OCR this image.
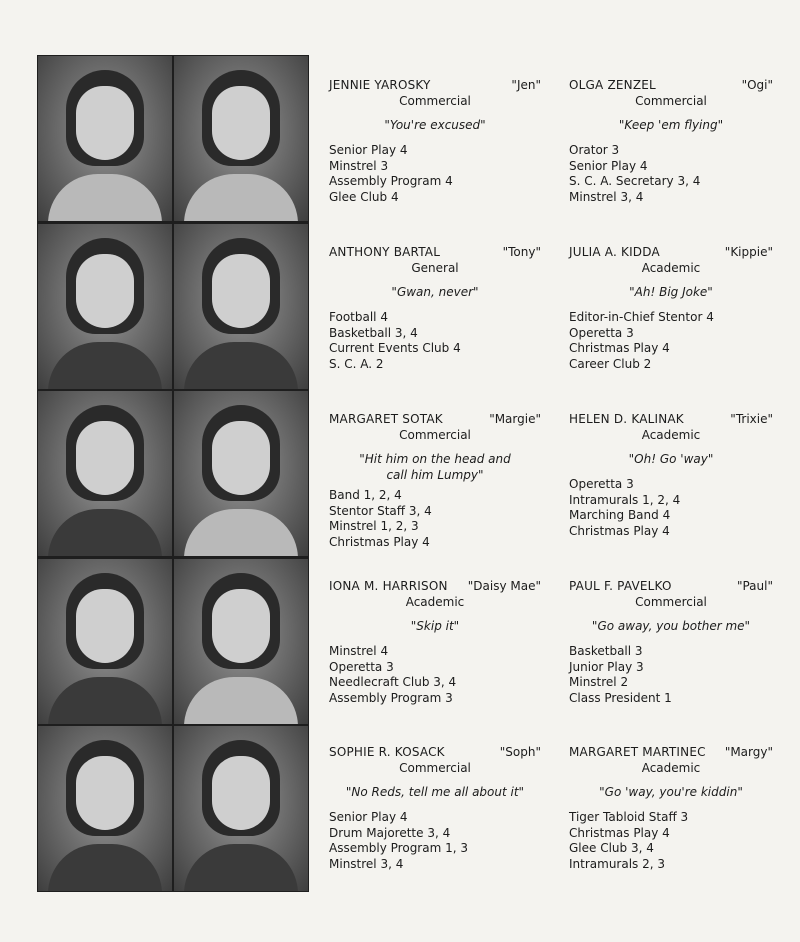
JENNIE YAROSKY	"Jen"
Commercial
"You're excused"
Senior Play 4
Minstrel 3
Assembly Program 4
Glee Club 4
OLGA ZENZEL	"Ogi"
Commercial
"Keep 'em flying"
Orator 3
Senior Play 4
S. C. A. Secretary 3, 4
Minstrel 3, 4
ANTHONY BARTAL	"Tony"
General
"Gwan, never"
Football 4
Basketball 3, 4
Current Events Club 4
S. C. A. 2
JULIA A. KIDDA	"Kippie"
Academic
"Ah! Big Joke"
Editor-in-Chief Stentor 4
Operetta 3
Christmas Play 4
Career Club 2
MARGARET SOTAK	"Margie"
Commercial
"Hit him on the head and call him Lumpy"
Band 1, 2, 4
Stentor Staff 3, 4
Minstrel 1, 2, 3
Christmas Play 4
HELEN D. KALINAK	"Trixie"
Academic
"Oh! Go 'way"
Operetta 3
Intramurals 1, 2, 4
Marching Band 4
Christmas Play 4
IONA M. HARRISON "Daisy Mae"
Academic
"Skip it"
Minstrel 4
Operetta 3
Needlecraft Club 3, 4
Assembly Program 3
PAUL F. PAVELKO	"Paul"
Commercial
"Go away, you bother me"
Basketball 3
Junior Play 3
Minstrel 2
Class President 1
SOPHIE R. KOSACK	"Soph"
Commercial
"No Reds, tell me all about it"
Senior Play 4
Drum Majorette 3, 4
Assembly Program 1, 3
Minstrel 3, 4
MARGARET MARTINEC "Margy"
Academic
"Go 'way, you're kiddin"
Tiger Tabloid Staff 3
Christmas Play 4
Glee Club 3, 4
Intramurals 2, 3
